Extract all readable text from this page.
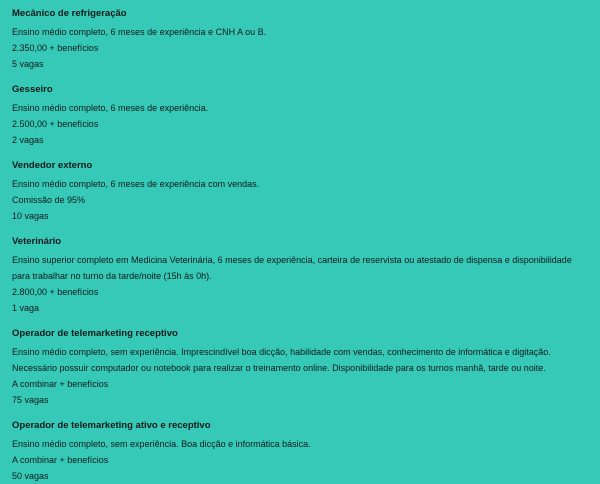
Mecânico de refrigeração
Ensino médio completo, 6 meses de experiência e CNH A ou B.
2.350,00 + benefícios
5 vagas
Gesseiro
Ensino médio completo, 6 meses de experiência.
2.500,00 + benefícios
2 vagas
Vendedor externo
Ensino médio completo, 6 meses de experiência com vendas.
Comissão de 95%
10 vagas
Veterinário
Ensino superior completo em Medicina Veterinária, 6 meses de experiência, carteira de reservista ou atestado de dispensa e disponibilidade para trabalhar no turno da tarde/noite (15h às 0h).
2.800,00 + benefícios
1 vaga
Operador de telemarketing receptivo
Ensino médio completo, sem experiência. Imprescindível boa dicção, habilidade com vendas, conhecimento de informática e digitação. Necessário possuir computador ou notebook para realizar o treinamento online. Disponibilidade para os turnos manhã, tarde ou noite.
A combinar + benefícios
75 vagas
Operador de telemarketing ativo e receptivo
Ensino médio completo, sem experiência. Boa dicção e informática básica.
A combinar + benefícios
50 vagas
